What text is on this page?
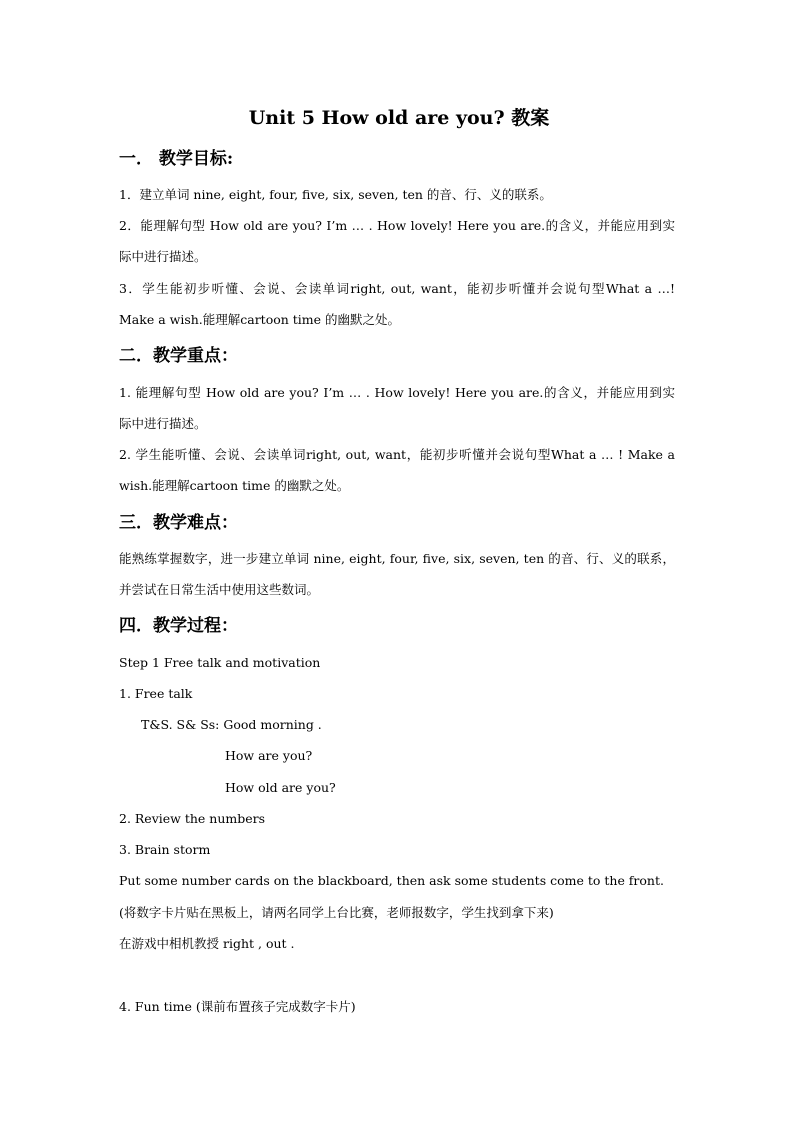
Unit 5 How old are you? 教案
一． 教学目标:
1．建立单词 nine, eight, four, five, six, seven, ten 的音、行、义的联系。
2．能理解句型 How old are you? I’m … . How lovely! Here you are.的含义，并能应用到实
际中进行描述。
3．学生能初步听懂、会说、会读单词right, out, want，能初步听懂并会说句型What a …!
Make a wish.能理解cartoon time 的幽默之处。
二．教学重点：
1. 能理解句型 How old are you? I’m … . How lovely! Here you are.的含义，并能应用到实
际中进行描述。
2. 学生能听懂、会说、会读单词right, out, want，能初步听懂并会说句型What a … ! Make a
wish.能理解cartoon time 的幽默之处。
三．教学难点：
能熟练掌握数字，进一步建立单词 nine, eight, four, five, six, seven, ten 的音、行、义的联系，
并尝试在日常生活中使用这些数词。
四．教学过程：
Step 1 Free talk and motivation
1. Free talk
T&S. S& Ss: Good morning .
How are you?
How old are you?
2. Review the numbers
3. Brain storm
Put some number cards on the blackboard, then ask some students come to the front.
(将数字卡片贴在黑板上，请两名同学上台比赛，老师报数字，学生找到拿下来)
在游戏中相机教授 right , out .
4. Fun time (课前布置孩子完成数字卡片)
